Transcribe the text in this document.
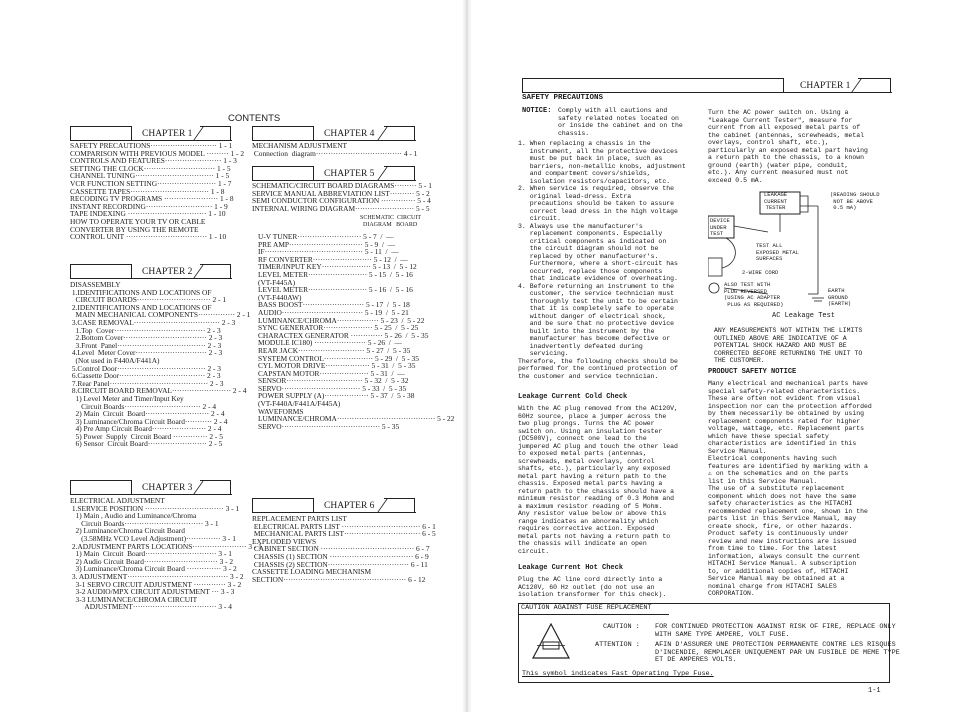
CONTENTS
CHAPTER 1
SAFETY PRECAUTIONS··························· 1 - 1
COMPARISON WITH PREVIOUS MODEL ········· 1 - 2
CONTROLS AND FEATURES······················· 1 - 3
SETTING THE CLOCK····························· 1 - 5
CHANNEL TUNING································ 1 - 5
VCR FUNCTION SETTING························ 1 - 7
CASSETTE TAPES································ 1 - 8
RECODING TV PROGRAMS ······················ 1 - 8
INSTANT RECORDING··························· 1 - 9
TAPE INDEXING ································ 1 - 10
HOW TO OPERATE YOUR TV OR CABLE
CONVERTER BY USING THE REMOTE
CONTROL UNIT ································· 1 - 10
CHAPTER 2
DISASSEMBLY
1.IDENTIFICATIONS AND LOCATIONS OF
CIRCUIT BOARDS······························ 2 - 1
2.IDENTIFICATIONS AND LOCATIONS OF
MAIN MECHANICAL COMPONENTS··············· 2 - 1
3.CASE REMOVAL··································· 2 - 3
1.Top  Cover····································· 2 - 3
2.Bottom Cover·································· 2 - 3
3.Front  Panel···································· 2 - 3
4.Level  Meter Cover····························· 2 - 3
(Not used in F440A/F441A)
5.Control Door···································· 2 - 3
6.Cassette Door··································· 2 - 3
7.Rear Panel········································ 2 - 3
8.CIRCUIT BOARD REMOVAL························ 2 - 4
1) Level Meter and Timer/Input Key
Circuit Boards······························· 2 - 4
2) Main  Circuit  Board·························· 2 - 4
3) Luminance/Chroma Circuit Board··········· 2 - 4
4) Pre Amp Circuit Board······················ 2 - 4
5) Power  Supply  Circuit Board ·············· 2 - 5
6) Sensor  Circuit Board························ 2 - 5
CHAPTER 3
ELECTRICAL ADJUSTMENT
1.SERVICE POSITION ································ 3 - 1
1) Main , Audio and Luminance/Chroma
Circuit Boards································ 3 - 1
2) Luminance/Chroma Circuit Board
(3.58MHz VCO Level Adjustment)·············· 3 - 1
2.ADJUSTMENT PARTS LOCATIONS······················ 3 - 1
1) Main  Circuit  Board····························· 3 - 1
2) Audio Circuit Board······························ 3 - 2
3) Luminance/Chroma Circuit Board ·············· 3 - 2
3. ADJUSTMENT········································· 3 - 2
3-1 SERVO CIRCUIT ADJUSTMENT ············· 3 - 2
3-2 AUDIO/MPX CIRCUIT ADJUSTMENT ··· 3 - 3
3-3 LUMINANCE/CHROMA CIRCUIT
ADJUSTMENT·································· 3 - 4
CHAPTER 4
MECHANISM ADJUSTMENT
Connection  diagram··································· 4 - 1
CHAPTER 5
SCHEMATIC/CIRCUIT BOARD DIAGRAMS········· 5 - 1
SERVICE MANUAL ABBREVIATION LIST·········· 5 - 2
SEMI CONDUCTOR CONFIGURATION ·············· 5 - 4
INTERNAL WIRING DIAGRAM························ 5 - 5
SCHEMATIC  CIRCUIT
DIAGRAM   BOARD
U-V TUNER·························· 5 - 7  /  —
PRE AMP······························ 5 - 9  /  —
IF········································ 5 - 11  /  —
RF CONVERTER························ 5 - 12  /  —
TIMER/INPUT KEY···················· 5 - 13  /  5 - 12
LEVEL METER························ 5 - 15  /  5 - 16
(VT-F445A)
LEVEL METER························ 5 - 16  /  5 - 16
(VT-F440AW)
BASS BOOST························· 5 - 17  /  5 - 18
AUDIO································· 5 - 19  /  5 - 21
LUMINANCE/CHROMA················· 5 - 23  /  5 - 22
SYNC GENERATOR···················· 5 - 25  /  5 - 25
CHARACTEX GENERATOR ············· 5 - 26  /  5 - 35
MODULE IC180) ····················· 5 - 26  /  —
REAR JACK··························· 5 - 27  /  5 - 35
SYSTEM CONTROL···················· 5 - 29  /  5 - 35
CYL MOTOR DRIVE·················· 5 - 31  /  5 - 35
CAPSTAN MOTOR···················· 5 - 31  /  —
SENSOR······························· 5 - 32  /  5 - 32
SERVO································ 5 - 33  /  5 - 35
POWER SUPPLY (A)·················· 5 - 37  /  5 - 38
(VT-F440A/F441A/F445A)
WAVEFORMS
LUMINANCE/CHROMA········································ 5 - 22
SERVO········································ 5 - 35
CHAPTER 6
REPLACEMENT PARTS LIST
ELECTRICAL PARTS LIST ································ 6 - 1
MECHANICAL PARTS LIST······························· 6 - 5
EXPLODED VIEWS
CABINET SECTION ······································ 6 - 7
CHASSIS (1) SECTION ·································· 6 - 9
CHASSIS (2) SECTION································· 6 - 11
CASSETTE LOADING MECHANISM
SECTION·················································· 6 - 12
CHAPTER 1
SAFETY PRECAUTIONS
NOTICE: Comply with all cautions and
safety related notes located on
or inside the cabinet and on the
chassis.
1. When replacing a chassis in the
instrument, all the protective devices
must be put back in place, such as
barriers, non-metallic knobs, adjustment
and compartment covers/shields,
isolation resistors/capacitors, etc.
2. When service is required, observe the
original lead-dress. Extra
precautions should be taken to assure
correct lead dress in the high voltage
circuit.
3. Always use the manufacturer's
replacement components. Especially
critical components as indicated on
the circuit diagram should not be
replaced by other manufacturer's.
Furthermore, where a short-circuit has
occurred, replace those components
that indicate evidence of overheating.
4. Before returning an instrument to the
customer, the service technician must
thoroughly test the unit to be certain
that it is completely safe to operate
without danger of electrical shock,
and be sure that no protective device
built into the instrument by the
manufacturer has become defective or
inadvertently defeated during
servicing.
Therefore, the following checks should be
performed for the continued protection of
the customer and service technician.
Leakage Current Cold Check
With the AC plug removed from the AC120V,
60Hz source, place a jumper across the
two plug prongs. Turns the AC power
switch on. Using an insulation tester
(DC500V), connect one lead to the
jumpered AC plug and touch the other lead
to exposed metal parts (antennas,
screwheads, metal overlays, control
shafts, etc.), particularly any exposed
metal part having a return path to the
chassis. Exposed metal parts having a
return path to the chassis should have a
minimum resistor reading of 0.3 Mohm and
a maximum resistor reading of 5 Mohm.
Any resistor value below or above this
range indicates an abnormality which
requires corrective action. Exposed
metal parts not having a return path to
the chassis will indicate an open
circuit.
Leakage Current Hot Check
Plug the AC line cord directly into a
AC120V, 60 Hz outlet (do not use an
isolation transformer for this check).
Turn the AC power switch on. Using a
"Leakage Current Tester", measure for
current from all exposed metal parts of
the cabinet (antennas, screwheads, metal
overlays, control shaft, etc.),
particularly an exposed metal part having
a return path to the chassis, to a known
ground (earth) (water pipe, conduit,
etc.). Any current measured must not
exceed 0.5 mA.
LEAKAGE
CURRENT
TESTER
(READING SHOULD
NOT BE ABOVE
0.5 mA)
DEVICE
UNDER
TEST
TEST ALL
EXPOSED METAL
SURFACES
2-WIRE CORD
ALSO TEST WITH
PLUG REVERSED
(USING AC ADAPTER
PLUG AS REQUIRED)
EARTH
GROUND
(EARTH)
AC Leakage Test
ANY MEASUREMENTS NOT WITHIN THE LIMITS
OUTLINED ABOVE ARE INDICATIVE OF A
POTENTIAL SHOCK HAZARD AND MUST BE
CORRECTED BEFORE RETURNING THE UNIT TO
THE CUSTOMER.
PRODUCT SAFETY NOTICE
Many electrical and mechanical parts have
special safety-related characteristics.
These are often not evident from visual
inspection nor can the protection afforded
by them necessarily be obtained by using
replacement components rated for higher
voltage, wattage, etc. Replacement parts
which have these special safety
characteristics are identified in this
Service Manual.
Electrical components having such
features are identified by marking with a
⚠ on the schematics and on the parts
list in this Service Manual.
The use of a substitute replacement
component which does not have the same
safety characteristics as the HITACHI
recommended replacement one, shown in the
parts list in this Service Manual, may
create shock, fire, or other hazards.
Product safety is continuously under
review and new instructions are issued
from time to time. For the latest
information, always consult the current
HITACHI Service Manual. A subscription
to, or additional copies of, HITACHI
Service Manual may be obtained at a
nominal charge from HITACHI SALES
CORPORATION.
CAUTION AGAINST FUSE REPLACEMENT
CAUTION : FOR CONTINUED PROTECTION AGAINST RISK OF FIRE, REPLACE ONLY
WITH SAME TYPE AMPERE, VOLT FUSE.
ATTENTION : AFIN D'ASSURER UNE PROTECTION PERMANENTE CONTRE LES RISQUES
D'INCENDIE, REMPLACER UNIQUEMENT PAR UN FUSIBLE DE MEME TYPE
ET DE AMPERES VOLTS.
This symbol indicates Fast Operating Type Fuse.
1-1
